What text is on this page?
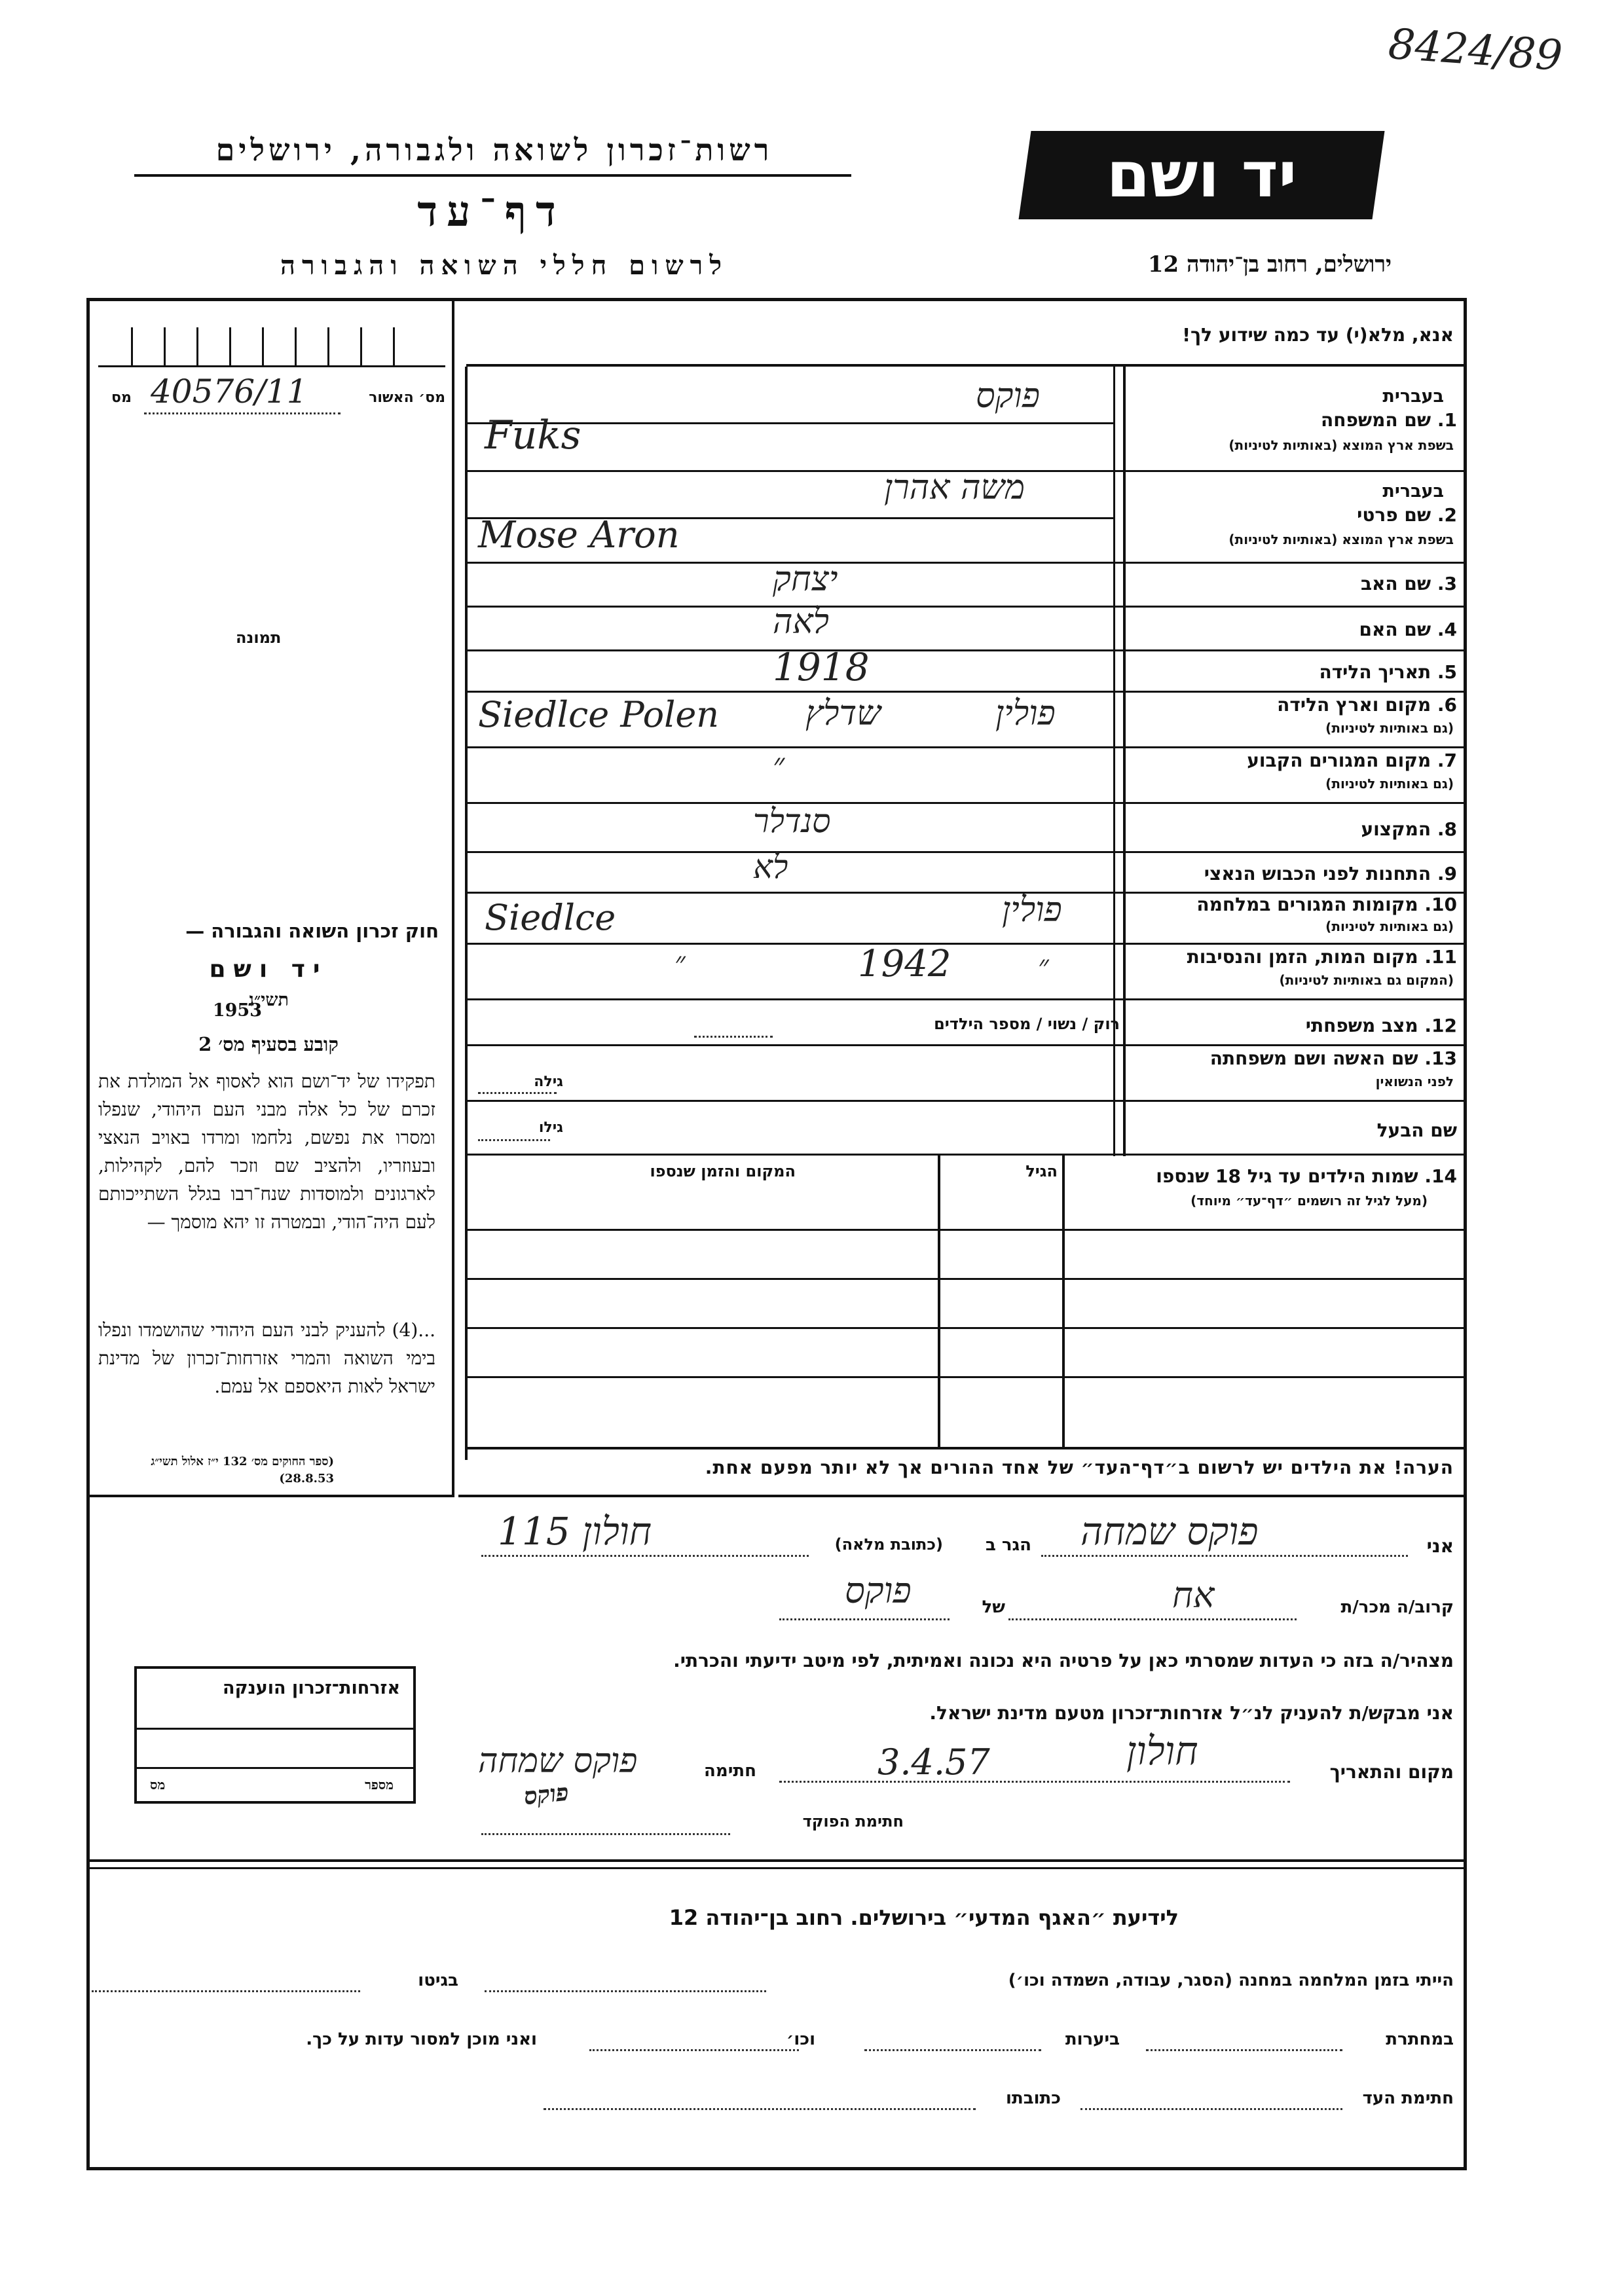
8424/89
רשות־זכרון לשואה ולגבורה, ירושלים
דף־עד
לרשום חללי השואה והגבורה
יד ושם
ירושלים, רחוב בן־יהודה 12
מס׳ האשור
40576/11
מס
תמונה
חוק זכרון השואה והגבורה —
יד ושם
תשי״ג
1953
קובע בסעיף מס׳ 2
תפקידו של יד־ושם הוא לאסוף אל המולדת את זכרם של כל אלה מבני העם היהודי, שנפלו ומסרו את נפשם, נלחמו ומרדו באויב הנאצי ובעוזריו, ולהציב שם וזכר להם, לקהילות, לארגונים ולמוסדות שנח־רבו בגלל השתייכותם לעם היה־הודי, ובמטרה זו יהא מוסמך —
...(4) להעניק לבני העם היהודי שהושמדו ונפלו בימי השואה והמרי אזרחות־זכרון של מדינת ישראל לאות היאספם אל עמם.
(ספר החוקים מס׳ 132 י״ז אלול תשי״ג 28.8.53)
אזרחות־זכרון הוענקה
מספר
מס
אנא, מלא(י) עד כמה שידוע לך!
בעברית
1. שם המשפחה
בשפת ארץ המוצא (באותיות לטיניות)
פוקס
Fuks
בעברית
2. שם פרטי
בשפת ארץ המוצא (באותיות לטיניות)
משה אהרן
Mose Aron
3. שם האב
יצחק
4. שם האם
לאה
5. תאריך הלידה
1918
6. מקום וארץ הלידה
(גם באותיות לטיניות)
Siedlce Polen	שדלץ	פולין
7. מקום המגורים הקבוע
(גם באותיות לטיניות)
״
8. המקצוע
סנדלר
9. התחנות לפני הכבוש הנאצי
לא
10. מקומות המגורים במלחמה
(גם באותיות לטיניות)
Siedlce	פולין
11. מקום המות, הזמן והנסיבות
(המקום גם באותיות לטיניות)
״	1942	״
12. מצב משפחתי
רוק / נשוי / מספר הילדים
13. שם האשה ושם משפחתה
לפני הנשואין
גילה
שם הבעל
גילו
14. שמות הילדים עד גיל 18 שנספו
(מעל לגיל זה רושמים ״דף־עד״ מיוחד)
הגיל
המקום והזמן שנספו
הערה! את הילדים יש לרשום ב״דף־העד״ של אחד ההורים אך לא יותר מפעם אחת.
אני
פוקס שמחה
הגר ב
(כתובת מלאה)
חולון 115
קרוב/ה מכר/ת
אח
של
פוקס
מצהיר/ה בזה כי העדות שמסרתי כאן על פרטיה היא נכונה ואמיתית, לפי מיטב ידיעתי והכרתי.
אני מבקש/ת להעניק לנ״ל אזרחות־זכרון מטעם מדינת ישראל.
מקום והתאריך
חולון
3.4.57
חתימה
פוקס שמחה
פוקס
חתימת הפוקד
לידיעת ״האגף המדעי״ בירושלים. רחוב בן־יהודה 12
הייתי בזמן המלחמה במחנה (הסגר, עבודה, השמדה וכו׳)
בגיטו
במחתרת
ביערות
וכו׳
ואני מוכן למסור עדות על כך.
חתימת העד
כתובתו
